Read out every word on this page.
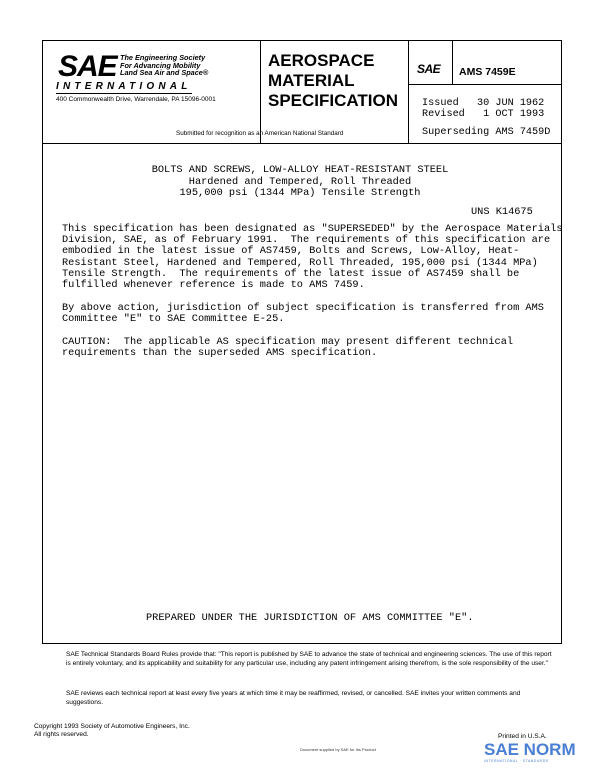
SAE The Engineering Society
For Advancing Mobility
Land Sea Air and Space®
INTERNATIONAL
400 Commonwealth Drive, Warrendale, PA 15096-0001
Submitted for recognition as an American National Standard
AEROSPACE
MATERIAL
SPECIFICATION
SAE AMS 7459E
Issued   30 JUN 1962
Revised   1 OCT 1993
Superseding AMS 7459D
BOLTS AND SCREWS, LOW-ALLOY HEAT-RESISTANT STEEL
Hardened and Tempered, Roll Threaded
195,000 psi (1344 MPa) Tensile Strength
UNS K14675

This specification has been designated as "SUPERSEDED" by the Aerospace Materials
Division, SAE, as of February 1991.  The requirements of this specification are
embodied in the latest issue of AS7459, Bolts and Screws, Low-Alloy, Heat-
Resistant Steel, Hardened and Tempered, Roll Threaded, 195,000 psi (1344 MPa)
Tensile Strength.  The requirements of the latest issue of AS7459 shall be
fulfilled whenever reference is made to AMS 7459.

By above action, jurisdiction of subject specification is transferred from AMS
Committee "E" to SAE Committee E-25.

CAUTION:  The applicable AS specification may present different technical
requirements than the superseded AMS specification.

PREPARED UNDER THE JURISDICTION OF AMS COMMITTEE "E".
SAE Technical Standards Board Rules provide that: "This report is published by SAE to advance the state of technical and engineering sciences. The use of this report is entirely voluntary, and its applicability and suitability for any particular use, including any patent infringement arising therefrom, is the sole responsibility of the user."
SAE reviews each technical report at least every five years at which time it may be reaffirmed, revised, or cancelled. SAE invites your written comments and suggestions.
Copyright 1993 Society of Automotive Engineers, Inc.
All rights reserved.	Printed in U.S.A.
Document supplied by SAE for Ihs Product	SAE NORM
INTERNATIONAL · STANDARDS
